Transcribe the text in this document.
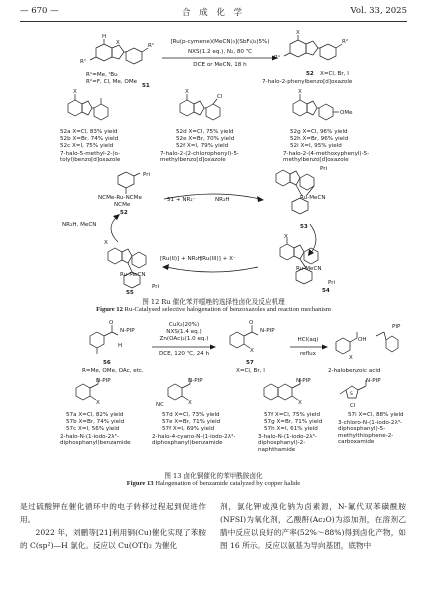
— 670 —	合 成 化 学	Vol. 33, 2025
X
H
R¹
R²
R¹=Me, ᵗBu
R²=F, Cl, Me, OMe
51
[Ru(p-cymene)(MeCN)₃](SbF₆)₂(5%)
NXS(1.2 eq.), N₂, 80 ℃
DCE or MeCN, 18 h
X
R¹
R²
52 X=Cl, Br, I
7-halo-2-phenylbenzo[d]oxazole
X
52a X=Cl, 83% yield
52b X=Br, 74% yield
52c X=I, 75% yield
7-halo-5-methyl-2-(o-tolyl)benzo[d]oxazole
X
Cl
52d X=Cl, 75% yield
52e X=Br, 70% yield
52f X=I, 79% yield
7-halo-2-(2-chlorophenyl)-5-methylbenzo[d]oxazole
X
OMe
52g X=Cl, 96% yield
52h X=Br, 96% yield
52i X=I, 95% yield
7-halo-2-(4-methoxyphenyl)-5-methylbenzo[d]oxazole
Pri
NCMe-Ru-NCMe
NCMe
52
51 + NR₂⁻	NR₂H
Pri
Ru-MeCN
53
X
Ru-MeCN
Pri
54
[Ru(III)] + X⁻
[Ru(II)] + NR₂H
X
Ru-MeCN
Pri
55
NR₂H, MeCN
图 12 Ru 催化苯并噁唑的选择性卤化及反应机理
Figure 12 Ru-Catalysed selective halogenation of benzoxazoles and reaction mechanism
O
N-PIP
H
56
R=Me, OMe, OAc, etc.
CuX₂(20%)
NXS(1.4 eq.)
Zn(OAc)₂(1.0 eq.)
DCE, 120 ℃, 24 h
O
X
N-PIP
57
X=Cl, Br, I
HCl(aq)
reflux
OH
X
2-halobenzoic acid
PIP
X
N-PIP
57a X=Cl, 82% yield
57b X=Br, 74% yield
57c X=I, 56% yield
2-halo-N-(1-iodo-2λ³-diphosphanyl)benzamide
NC	X
N-PIP
57d X=Cl, 73% yield
57e X=Br, 71% yield
57f X=I, 69% yield
2-halo-4-cyano-N-(1-iodo-2λ³-diphosphanyl)benzamide
X
N-PIP
57f X=Cl, 75% yield
57g X=Br, 71% yield
57h X=I, 61% yield
3-halo-N-(1-iodo-2λ³-diphosphanyl)-2-naphthamide
Cl
S
N-PIP
57i X=Cl, 88% yield
3-chloro-N-(1-iodo-2λ³-diphosphanyl)-5-methylthiophene-2-carboxamide
图 13 卤化铜催化的苯甲酰胺卤化
Figure 13 Halogenation of benzamide catalyzed by copper halide
是过硫酸钾在催化循环中的电子转移过程起到促进作用。
　　2022 年，刘鹏等[21]利用铜(Cu)催化实现了苯胺的 C(sp²)—H 氯化。反应以 Cu(OTf)₂ 为催化
剂，氯化钾或溴化钠为卤素源，N-氟代双苯磺酰胺(NFSI)为氧化剂，乙酸酐(Ac₂O)为添加剂，在溶剂乙腈中反应以良好的产率(52%～88%)得到卤化产物，如图 16 所示。反应以氨基为导向基团，底物中
